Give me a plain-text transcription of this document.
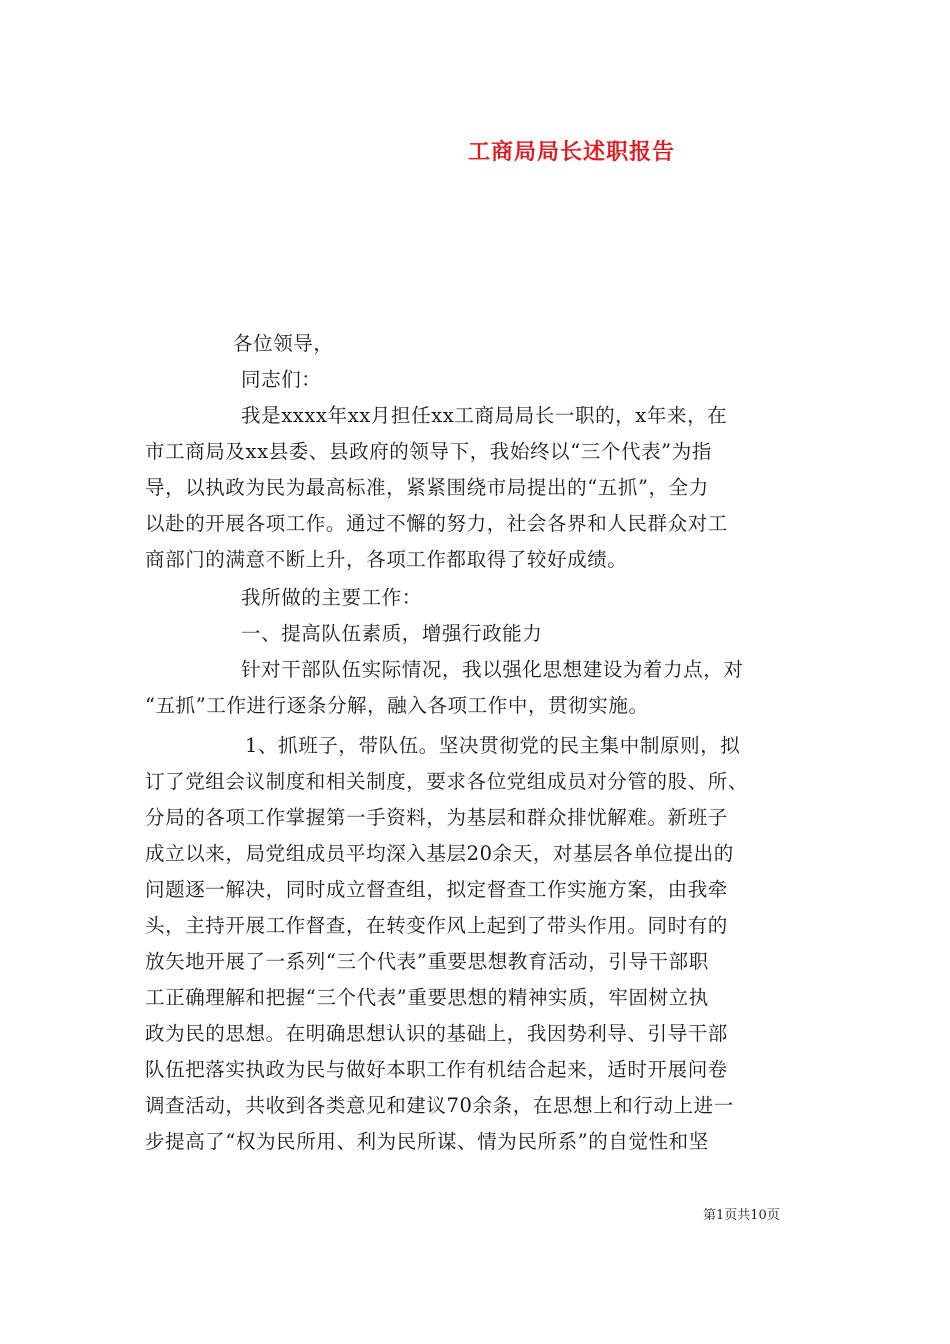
工商局局长述职报告
各位领导，
同志们：
我是xxxx年xx月担任xx工商局局长一职的，x年来，在
市工商局及xx县委、县政府的领导下，我始终以“三个代表”为指
导，以执政为民为最高标准，紧紧围绕市局提出的“五抓”，全力
以赴的开展各项工作。通过不懈的努力，社会各界和人民群众对工
商部门的满意不断上升，各项工作都取得了较好成绩。
我所做的主要工作：
一、提高队伍素质，增强行政能力
针对干部队伍实际情况，我以强化思想建设为着力点，对
“五抓”工作进行逐条分解，融入各项工作中，贯彻实施。
1、抓班子，带队伍。坚决贯彻党的民主集中制原则，拟
订了党组会议制度和相关制度，要求各位党组成员对分管的股、所、
分局的各项工作掌握第一手资料，为基层和群众排忧解难。新班子
成立以来，局党组成员平均深入基层20余天，对基层各单位提出的
问题逐一解决，同时成立督查组，拟定督查工作实施方案，由我牵
头，主持开展工作督查，在转变作风上起到了带头作用。同时有的
放矢地开展了一系列“三个代表”重要思想教育活动，引导干部职
工正确理解和把握“三个代表”重要思想的精神实质，牢固树立执
政为民的思想。在明确思想认识的基础上，我因势利导、引导干部
队伍把落实执政为民与做好本职工作有机结合起来，适时开展问卷
调查活动，共收到各类意见和建议70余条，在思想上和行动上进一
步提高了“权为民所用、利为民所谋、情为民所系”的自觉性和坚
第1页共10页
